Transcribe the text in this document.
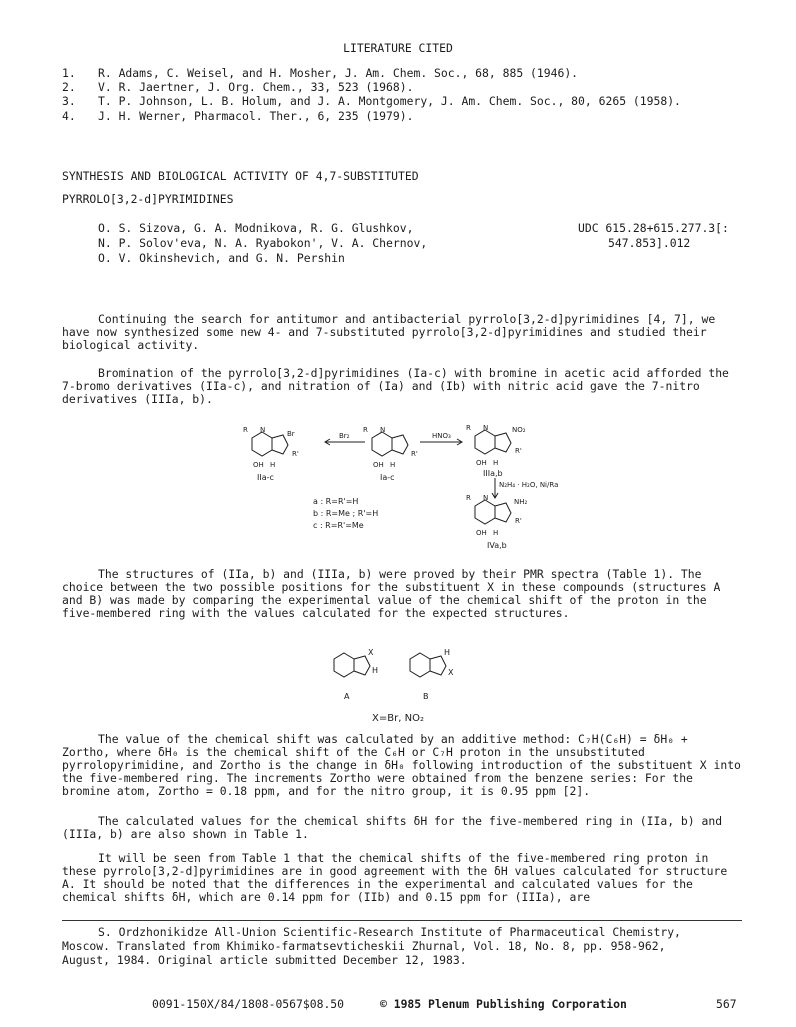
LITERATURE CITED
1. R. Adams, C. Weisel, and H. Mosher, J. Am. Chem. Soc., 68, 885 (1946).
2. V. R. Jaertner, J. Org. Chem., 33, 523 (1968).
3. T. P. Johnson, L. B. Holum, and J. A. Montgomery, J. Am. Chem. Soc., 80, 6265 (1958).
4. J. H. Werner, Pharmacol. Ther., 6, 235 (1979).
SYNTHESIS AND BIOLOGICAL ACTIVITY OF 4,7-SUBSTITUTED
PYRROLO[3,2-d]PYRIMIDINES
O. S. Sizova, G. A. Modnikova, R. G. Glushkov,
N. P. Solov'eva, N. A. Ryabokon', V. A. Chernov,
O. V. Okinshevich, and G. N. Pershin
UDC 615.28+615.277.3[:
547.853].012
Continuing the search for antitumor and antibacterial pyrrolo[3,2-d]pyrimidines [4, 7], we have now synthesized some new 4- and 7-substituted pyrrolo[3,2-d]pyrimidines and studied their biological activity.
Bromination of the pyrrolo[3,2-d]pyrimidines (Ia-c) with bromine in acetic acid afforded the 7-bromo derivatives (IIa-c), and nitration of (Ia) and (Ib) with nitric acid gave the 7-nitro derivatives (IIIa, b).
R N	Br
R'
OH H
R N
R'
OH H
R N	NO₂
R'
OH H
R N	NH₂
R'
OH H
Br₂	HNO₃
N₂H₄ · H₂O, Ni/Ra
IIa-c	Ia-c	IIIa,b
IVa,b
a : R=R'=H
b : R=Me ; R'=H
c : R=R'=Me
The structures of (IIa, b) and (IIIa, b) were proved by their PMR spectra (Table 1). The choice between the two possible positions for the substituent X in these compounds (structures A and B) was made by comparing the experimental value of the chemical shift of the proton in the five-membered ring with the values calculated for the expected structures.
X
H
H
X
A	B
X=Br, NO₂
The value of the chemical shift was calculated by an additive method: C₇H(C₆H) = δH₀ + Zortho, where δH₀ is the chemical shift of the C₆H or C₇H proton in the unsubstituted pyrrolopyrimidine, and Zortho is the change in δH₀ following introduction of the substituent X into the five-membered ring. The increments Zortho were obtained from the benzene series: For the bromine atom, Zortho = 0.18 ppm, and for the nitro group, it is 0.95 ppm [2].
The calculated values for the chemical shifts δH for the five-membered ring in (IIa, b) and (IIIa, b) are also shown in Table 1.
It will be seen from Table 1 that the chemical shifts of the five-membered ring proton in these pyrrolo[3,2-d]pyrimidines are in good agreement with the δH values calculated for structure A. It should be noted that the differences in the experimental and calculated values for the chemical shifts δH, which are 0.14 ppm for (IIb) and 0.15 ppm for (IIIa), are
S. Ordzhonikidze All-Union Scientific-Research Institute of Pharmaceutical Chemistry,
Moscow. Translated from Khimiko-farmatsevticheskii Zhurnal, Vol. 18, No. 8, pp. 958-962,
August, 1984. Original article submitted December 12, 1983.
0091-150X/84/1808-0567$08.50	© 1985 Plenum Publishing Corporation	567
